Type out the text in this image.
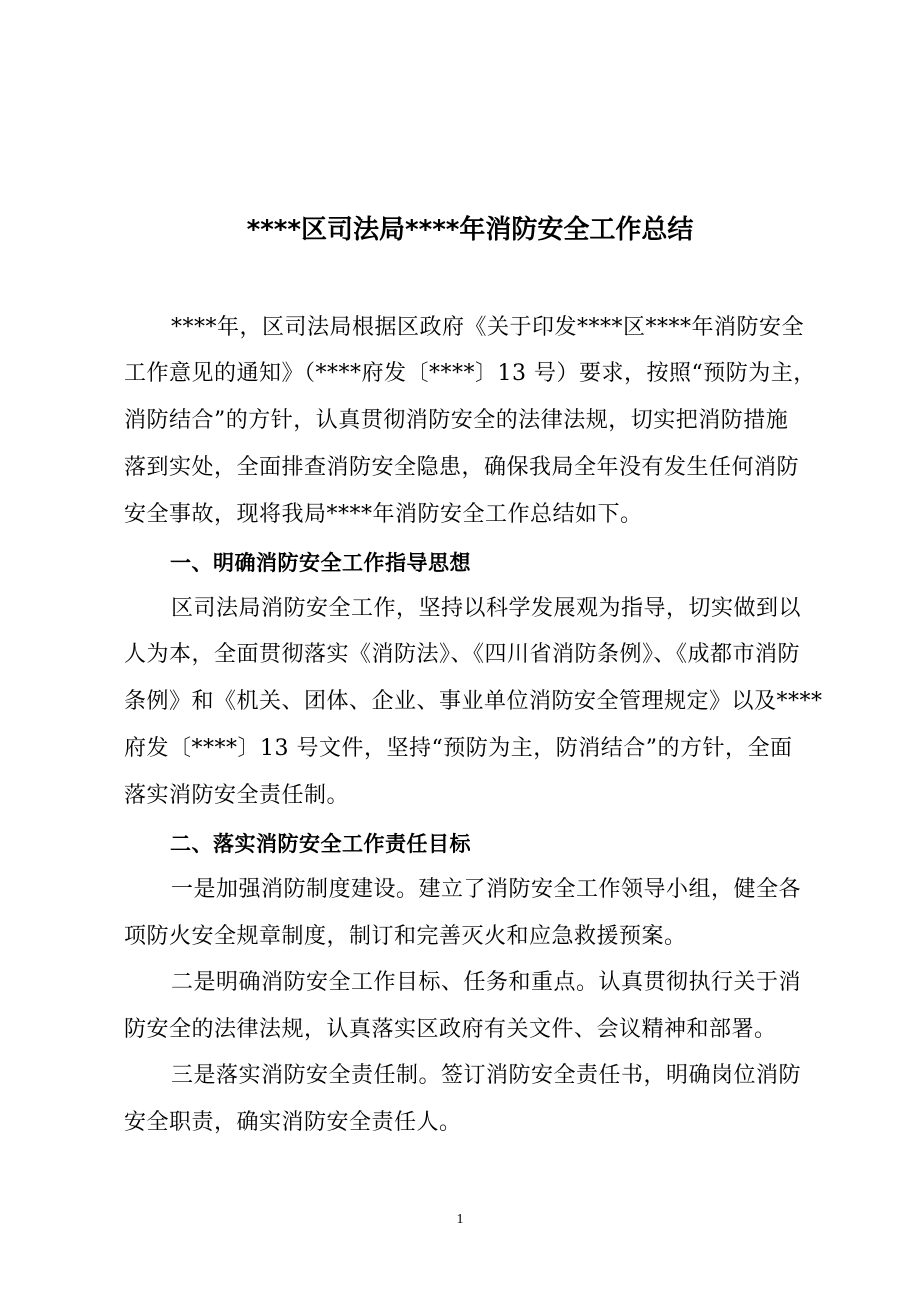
****区司法局****年消防安全工作总结
****年，区司法局根据区政府《关于印发****区****年消防安全
工作意见的通知》（****府发〔****〕13 号）要求，按照“预防为主，
消防结合”的方针，认真贯彻消防安全的法律法规，切实把消防措施
落到实处，全面排查消防安全隐患，确保我局全年没有发生任何消防
安全事故，现将我局****年消防安全工作总结如下。
一、明确消防安全工作指导思想
区司法局消防安全工作，坚持以科学发展观为指导，切实做到以
人为本，全面贯彻落实《消防法》、《四川省消防条例》、《成都市消防
条例》和《机关、团体、企业、事业单位消防安全管理规定》以及****
府发〔****〕13 号文件，坚持“预防为主，防消结合”的方针，全面
落实消防安全责任制。
二、落实消防安全工作责任目标
一是加强消防制度建设。建立了消防安全工作领导小组，健全各
项防火安全规章制度，制订和完善灭火和应急救援预案。
二是明确消防安全工作目标、任务和重点。认真贯彻执行关于消
防安全的法律法规，认真落实区政府有关文件、会议精神和部署。
三是落实消防安全责任制。签订消防安全责任书，明确岗位消防
安全职责，确实消防安全责任人。
1
